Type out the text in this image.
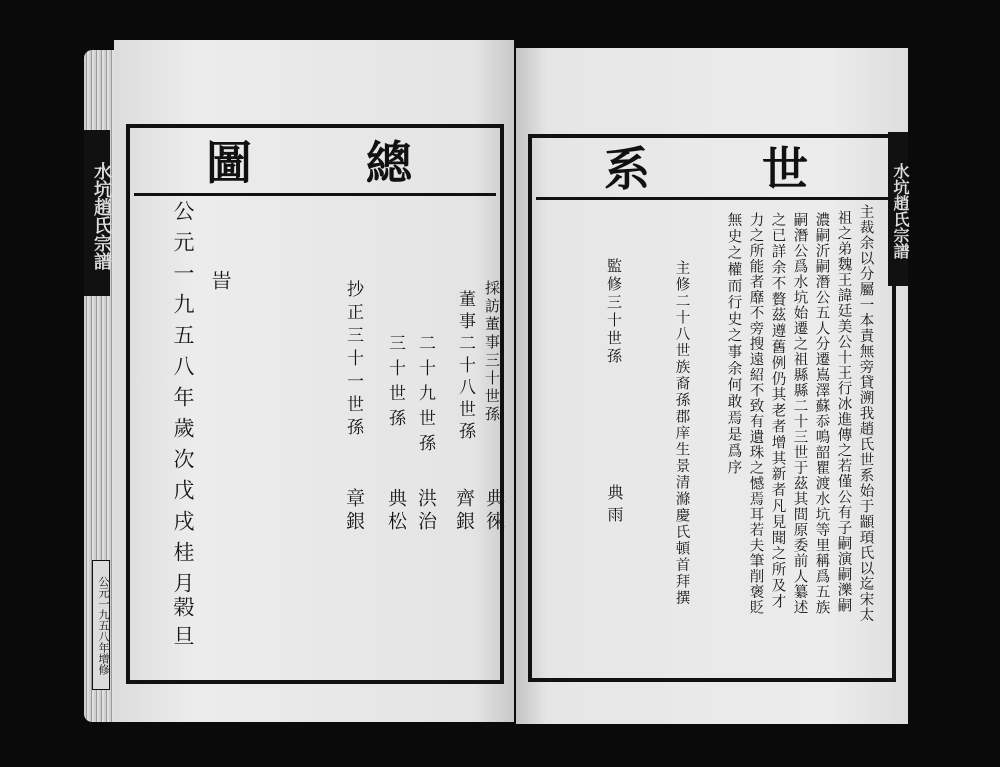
水坑趙氏宗譜
公元一九五八年增修
圖 總
旹
公元一九五八年歲次戊戌桂月
榖旦
抄正三十一世孫
章銀
三十世孫
典松 洪治
二十九世孫
齊銀
董事二十八世孫 採訪董事三十世孫
典徠
系 世	水坑趙氏宗譜
主裁余以分屬一本責無旁貸溯我趙氏世系始于顓頊氏以迄宋太
祖之弟魏王諱廷美公十王行冰進傳之若僅公有子嗣演嗣濼嗣
濃嗣沂嗣潛公五人分遷嶌澤蘇忝鳴韶瞿渡水坑等里稱爲五族
嗣潛公爲水坑始遷之祖縣縣二十三世于茲其間原委前人纂述
之已詳余不贅茲遵舊例仍其老者增其新者凡見聞之所及才
力之所能者靡不旁搜遠紹不致有遺珠之憾焉耳若夫筆削褒貶
無史之權而行史之事余何敢焉是爲序
主修二十八世族裔孫郡庠生景清滌慶氏頓首拜撰
監修三十世孫
典雨
